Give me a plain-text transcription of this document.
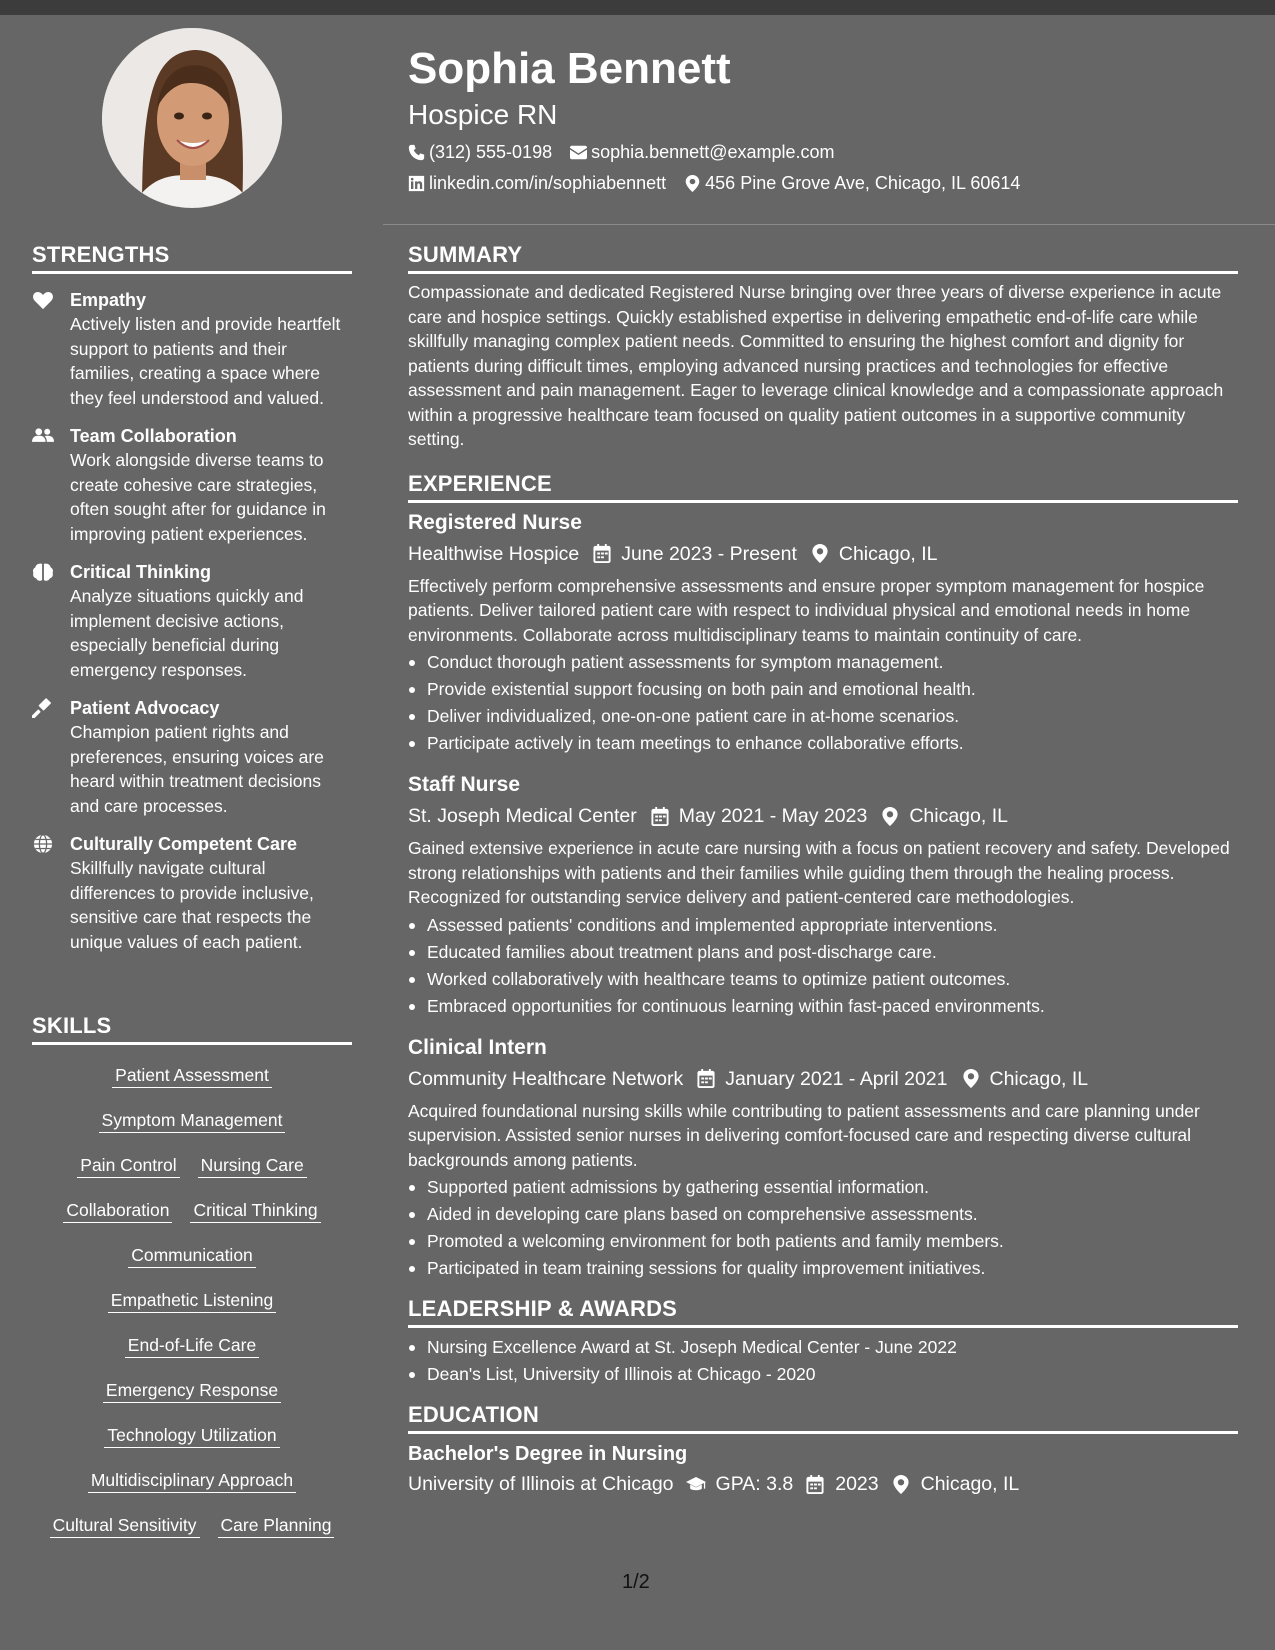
STRENGTHS
Empathy
Actively listen and provide heartfelt support to patients and their families, creating a space where they feel understood and valued.
Team Collaboration
Work alongside diverse teams to create cohesive care strategies, often sought after for guidance in improving patient experiences.
Critical Thinking
Analyze situations quickly and implement decisive actions, especially beneficial during emergency responses.
Patient Advocacy
Champion patient rights and preferences, ensuring voices are heard within treatment decisions and care processes.
Culturally Competent Care
Skillfully navigate cultural differences to provide inclusive, sensitive care that respects the unique values of each patient.
SKILLS
Patient Assessment
Symptom Management
Pain Control Nursing Care
Collaboration Critical Thinking
Communication
Empathetic Listening
End-of-Life Care
Emergency Response
Technology Utilization
Multidisciplinary Approach
Cultural Sensitivity Care Planning
Sophia Bennett
Hospice RN
(312) 555-0198 sophia.bennett@example.com
linkedin.com/in/sophiabennett 456 Pine Grove Ave, Chicago, IL 60614
SUMMARY
Compassionate and dedicated Registered Nurse bringing over three years of diverse experience in acute care and hospice settings. Quickly established expertise in delivering empathetic end-of-life care while skillfully managing complex patient needs. Committed to ensuring the highest comfort and dignity for patients during difficult times, employing advanced nursing practices and technologies for effective assessment and pain management. Eager to leverage clinical knowledge and a compassionate approach within a progressive healthcare team focused on quality patient outcomes in a supportive community setting.
EXPERIENCE
Registered Nurse
Healthwise Hospice June 2023 - Present Chicago, IL
Effectively perform comprehensive assessments and ensure proper symptom management for hospice patients. Deliver tailored patient care with respect to individual physical and emotional needs in home environments. Collaborate across multidisciplinary teams to maintain continuity of care.
Conduct thorough patient assessments for symptom management.
Provide existential support focusing on both pain and emotional health.
Deliver individualized, one-on-one patient care in at-home scenarios.
Participate actively in team meetings to enhance collaborative efforts.
Staff Nurse
St. Joseph Medical Center May 2021 - May 2023 Chicago, IL
Gained extensive experience in acute care nursing with a focus on patient recovery and safety. Developed strong relationships with patients and their families while guiding them through the healing process. Recognized for outstanding service delivery and patient-centered care methodologies.
Assessed patients' conditions and implemented appropriate interventions.
Educated families about treatment plans and post-discharge care.
Worked collaboratively with healthcare teams to optimize patient outcomes.
Embraced opportunities for continuous learning within fast-paced environments.
Clinical Intern
Community Healthcare Network January 2021 - April 2021 Chicago, IL
Acquired foundational nursing skills while contributing to patient assessments and care planning under supervision. Assisted senior nurses in delivering comfort-focused care and respecting diverse cultural backgrounds among patients.
Supported patient admissions by gathering essential information.
Aided in developing care plans based on comprehensive assessments.
Promoted a welcoming environment for both patients and family members.
Participated in team training sessions for quality improvement initiatives.
LEADERSHIP & AWARDS
Nursing Excellence Award at St. Joseph Medical Center - June 2022
Dean's List, University of Illinois at Chicago - 2020
EDUCATION
Bachelor's Degree in Nursing
University of Illinois at Chicago GPA: 3.8 2023 Chicago, IL
1/2
